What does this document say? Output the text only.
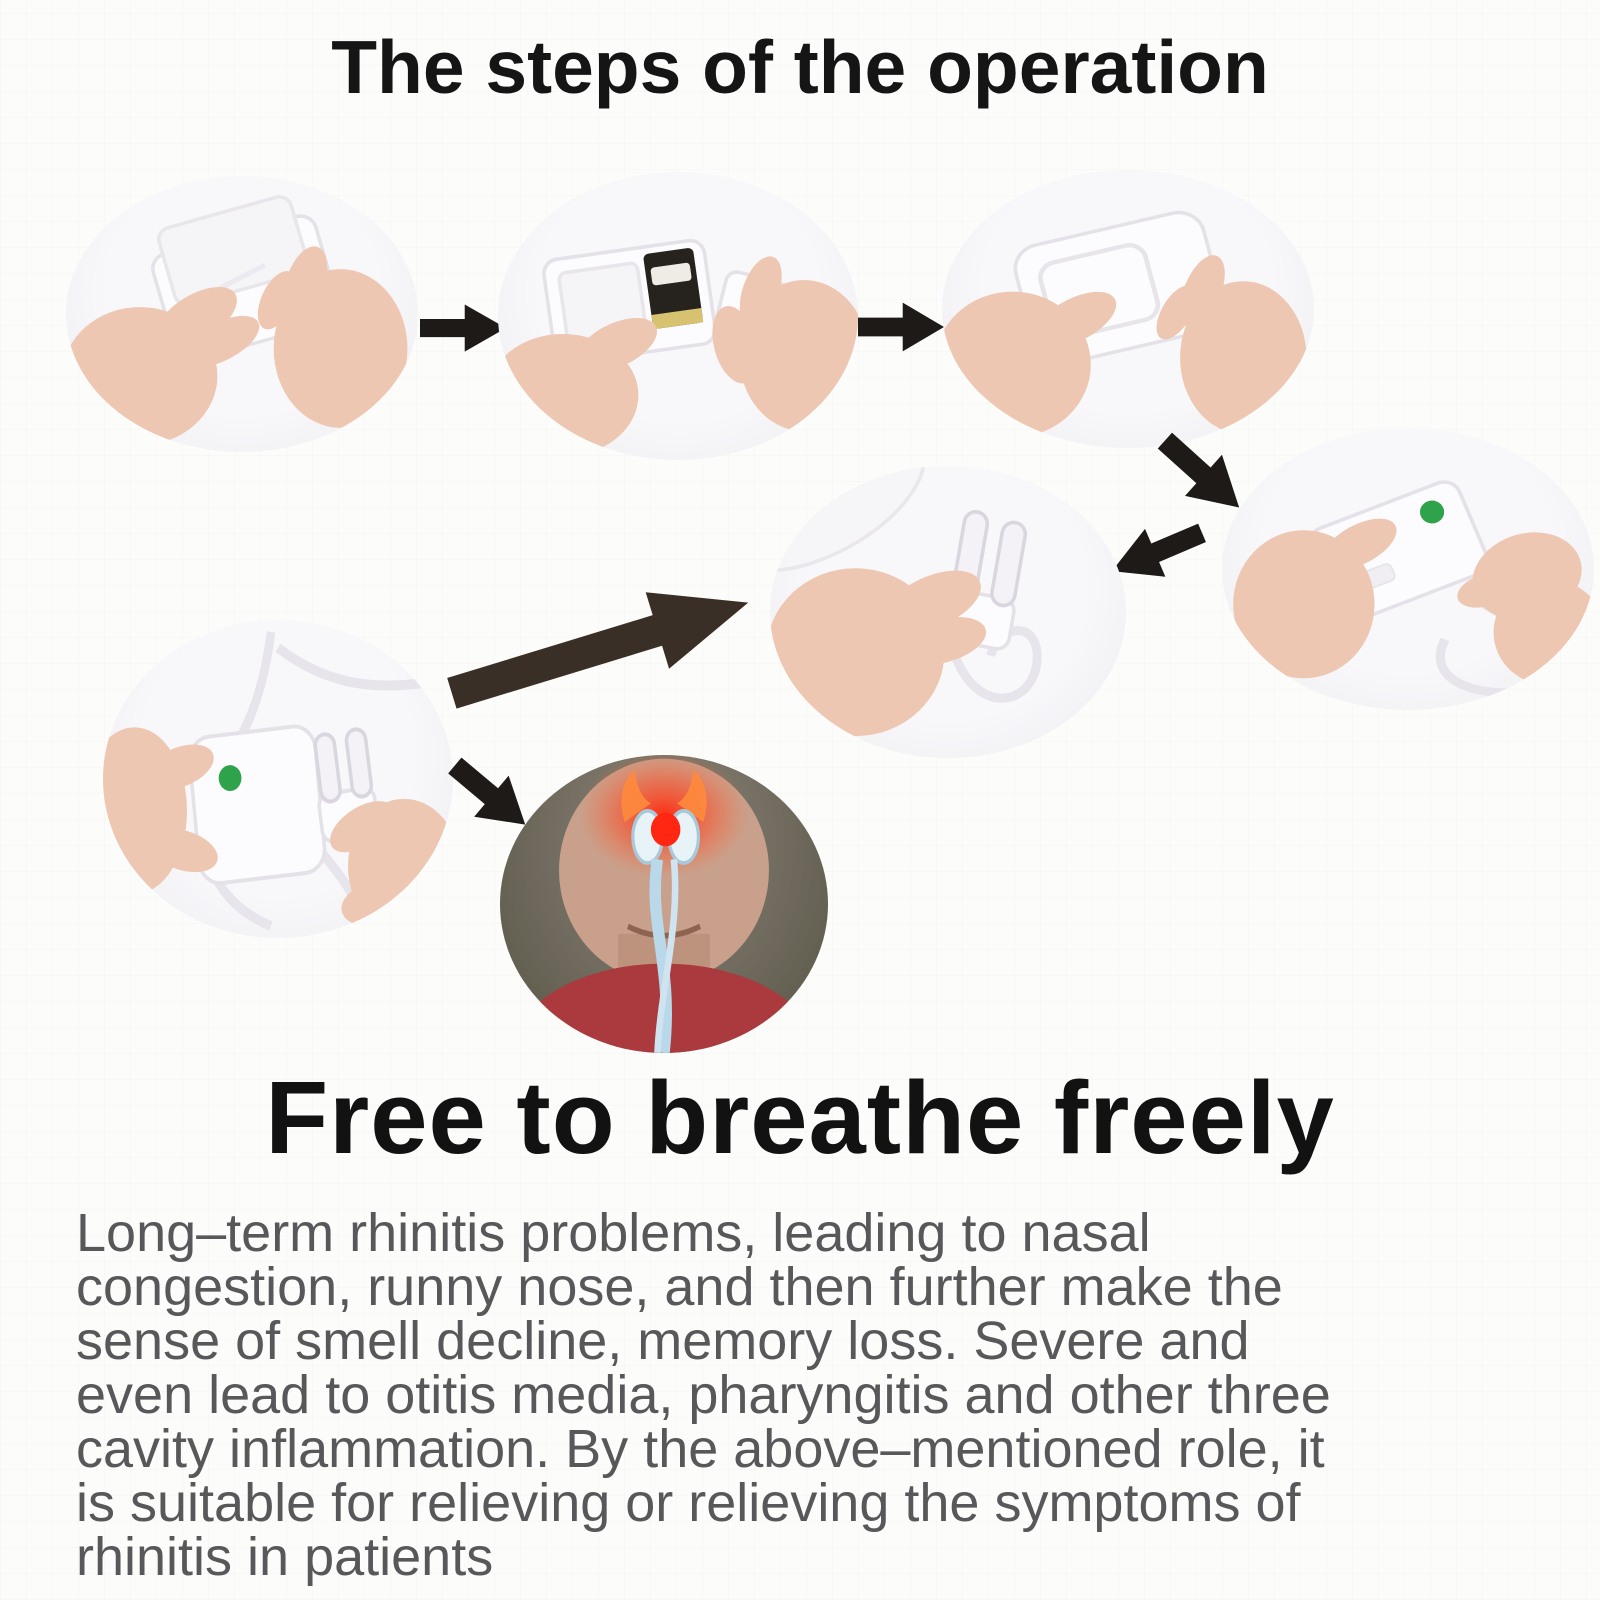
The steps of the operation
Free to breathe freely
Long–term rhinitis problems, leading to nasal
congestion, runny nose, and then further make the
sense of smell decline, memory loss. Severe and
even lead to otitis media, pharyngitis and other three
cavity inflammation. By the above–mentioned role, it
is suitable for relieving or relieving the symptoms of
rhinitis in patients
